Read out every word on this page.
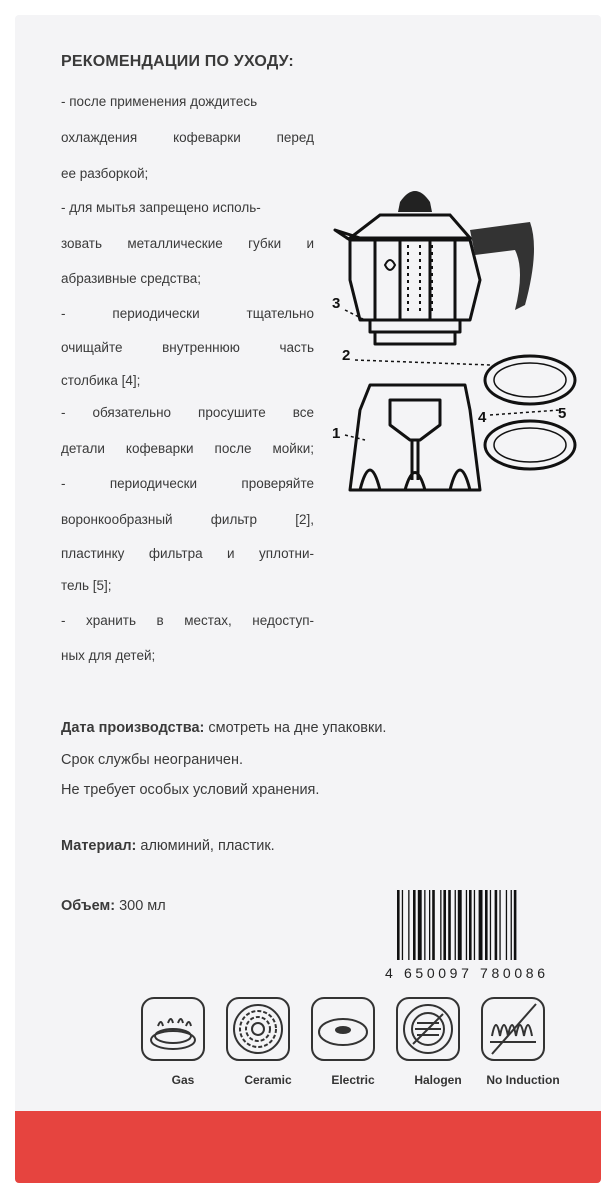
РЕКОМЕНДАЦИИ ПО УХОДУ:
- после применения дождитесь
охлаждения кофеварки перед
ее разборкой;
- для мытья запрещено исполь-
зовать металлические губки и
абразивные средства;
- периодически тщательно
очищайте внутреннюю часть
столбика [4];
- обязательно просушите все
детали кофеварки после мойки;
- периодически проверяйте
воронкообразный фильтр [2],
пластинку фильтра и уплотни-
тель [5];
- хранить в местах, недоступ-
ных для детей;
1
2
3
4	5
Дата производства: смотреть на дне упаковки.
Срок службы неограничен.
Не требует особых условий хранения.
Материал: алюминий, пластик.
Объем: 300 мл
4 650097 780086
Gas	Ceramic	Electric	Halogen	No Induction
